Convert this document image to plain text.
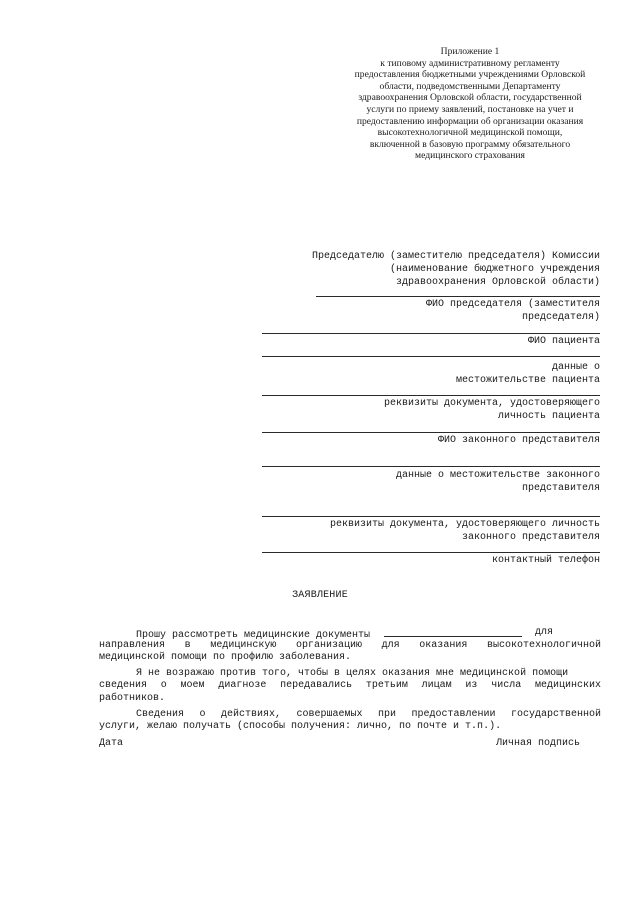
Приложение 1
к типовому административному регламенту
предоставления бюджетными учреждениями Орловской
области, подведомственными Департаменту
здравоохранения Орловской области, государственной
услуги по приему заявлений, постановке на учет и
предоставлению информации об организации оказания
высокотехнологичной медицинской помощи,
включенной в базовую программу обязательного
медицинского страхования
Председателю (заместителю председателя) Комиссии
(наименование бюджетного учреждения
здравоохранения Орловской области)
ФИО председателя (заместителя
председателя)
ФИО пациента
данные о
местожительстве пациента
реквизиты документа, удостоверяющего
личность пациента
ФИО законного представителя
данные о местожительстве законного
представителя
реквизиты документа, удостоверяющего личность
законного представителя
контактный телефон
ЗАЯВЛЕНИЕ
Прошу рассмотреть медицинские документы	для
направления в медицинскую организацию для оказания высокотехнологичной
медицинской помощи по профилю заболевания.
Я не возражаю против того, чтобы в целях оказания мне медицинской помощи
сведения о моем диагнозе передавались третьим лицам из числа медицинских
работников.
Сведения о действиях, совершаемых при предоставлении государственной
услуги, желаю получать (способы получения: лично, по почте и т.п.).
Дата	Личная подпись
